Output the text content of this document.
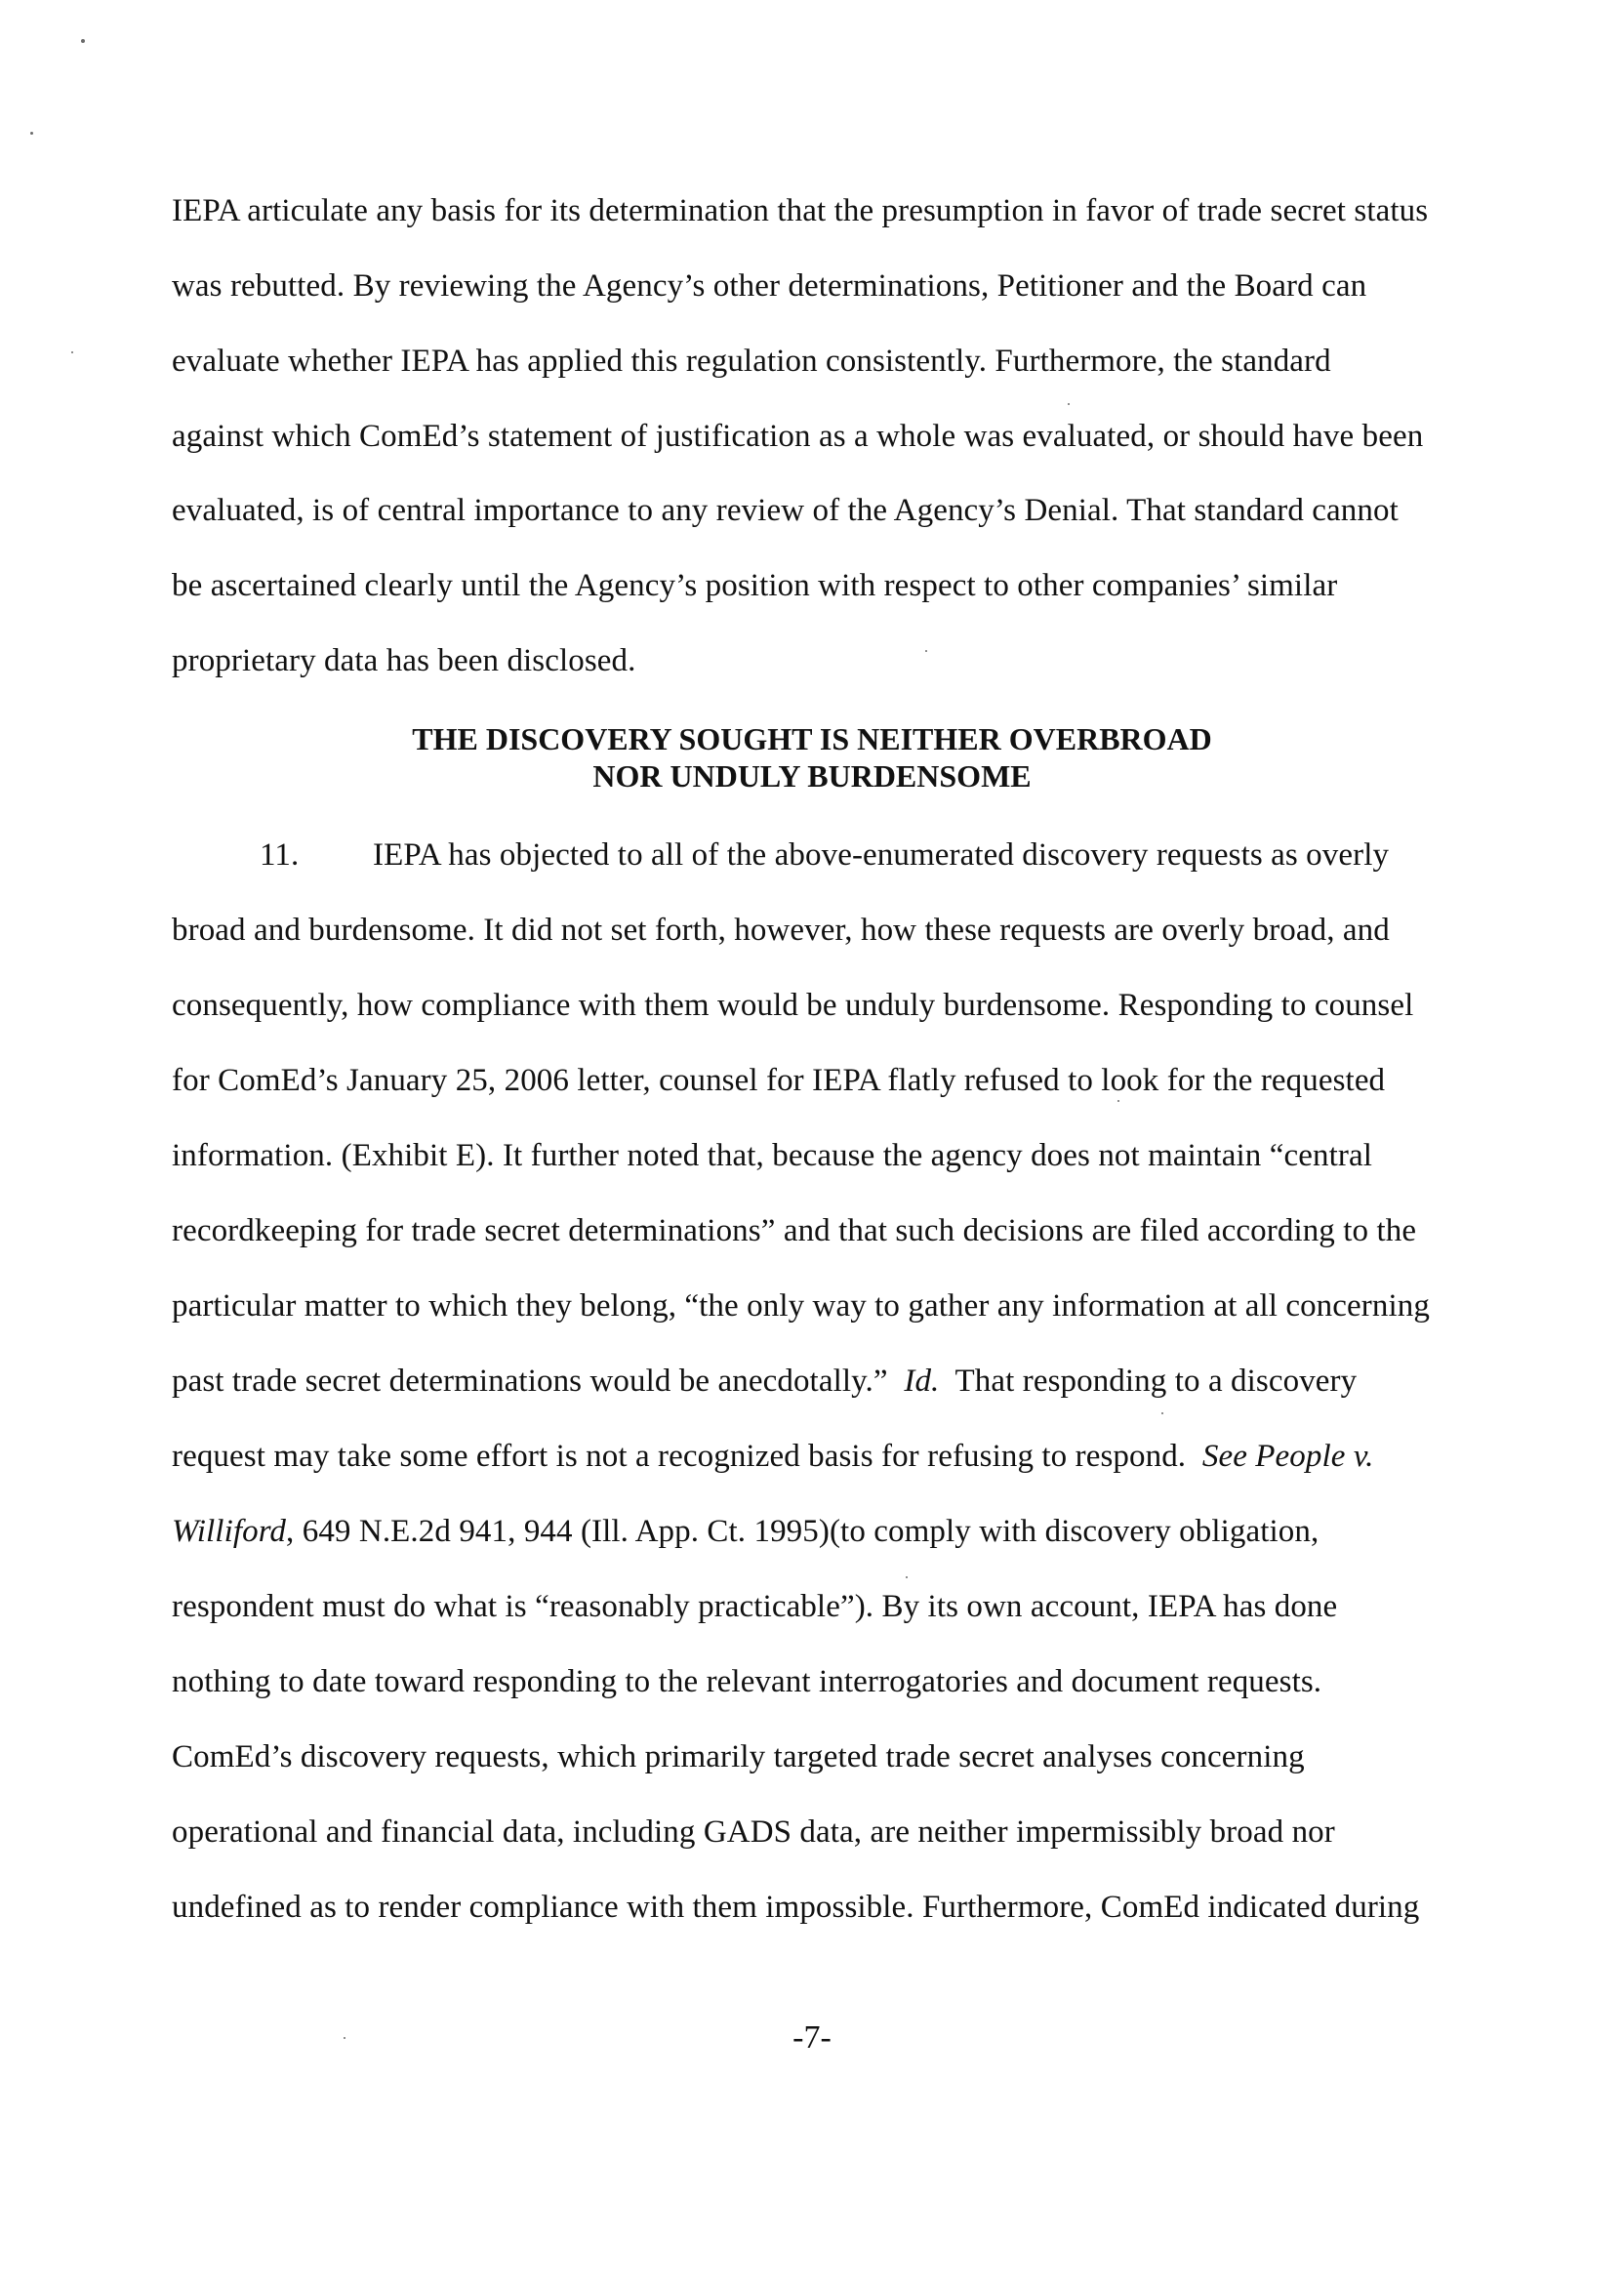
IEPA articulate any basis for its determination that the presumption in favor of trade secret status
was rebutted. By reviewing the Agency’s other determinations, Petitioner and the Board can
evaluate whether IEPA has applied this regulation consistently. Furthermore, the standard
against which ComEd’s statement of justification as a whole was evaluated, or should have been
evaluated, is of central importance to any review of the Agency’s Denial. That standard cannot
be ascertained clearly until the Agency’s position with respect to other companies’ similar
proprietary data has been disclosed.
THE DISCOVERY SOUGHT IS NEITHER OVERBROAD
NOR UNDULY BURDENSOME
11. IEPA has objected to all of the above-enumerated discovery requests as overly
broad and burdensome. It did not set forth, however, how these requests are overly broad, and
consequently, how compliance with them would be unduly burdensome. Responding to counsel
for ComEd’s January 25, 2006 letter, counsel for IEPA flatly refused to look for the requested
information. (Exhibit E). It further noted that, because the agency does not maintain “central
recordkeeping for trade secret determinations” and that such decisions are filed according to the
particular matter to which they belong, “the only way to gather any information at all concerning
past trade secret determinations would be anecdotally.”  Id.  That responding to a discovery
request may take some effort is not a recognized basis for refusing to respond.  See People v.
Williford, 649 N.E.2d 941, 944 (Ill. App. Ct. 1995)(to comply with discovery obligation,
respondent must do what is “reasonably practicable”). By its own account, IEPA has done
nothing to date toward responding to the relevant interrogatories and document requests.
ComEd’s discovery requests, which primarily targeted trade secret analyses concerning
operational and financial data, including GADS data, are neither impermissibly broad nor
undefined as to render compliance with them impossible. Furthermore, ComEd indicated during
-7-
